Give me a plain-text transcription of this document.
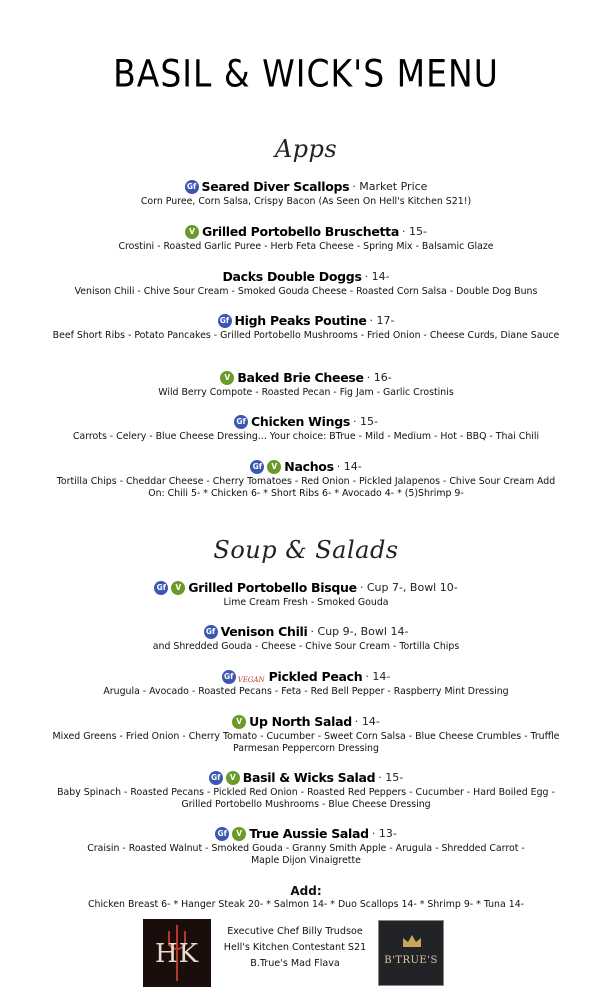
BASIL & WICK'S MENU
Apps
Gf Seared Diver Scallops · Market Price
Corn Puree, Corn Salsa, Crispy Bacon (As Seen On Hell's Kitchen S21!)
V Grilled Portobello Bruschetta · 15-
Crostini - Roasted Garlic Puree - Herb Feta Cheese - Spring Mix - Balsamic Glaze
Dacks Double Doggs · 14-
Venison Chili - Chive Sour Cream - Smoked Gouda Cheese - Roasted Corn Salsa - Double Dog Buns
Gf High Peaks Poutine · 17-
Beef Short Ribs - Potato Pancakes - Grilled Portobello Mushrooms - Fried Onion - Cheese Curds, Diane Sauce
V Baked Brie Cheese · 16-
Wild Berry Compote - Roasted Pecan - Fig Jam - Garlic Crostinis
Gf Chicken Wings · 15-
Carrots - Celery - Blue Cheese Dressing... Your choice: BTrue - Mild - Medium - Hot - BBQ - Thai Chili
Gf	V Nachos · 14-
Tortilla Chips - Cheddar Cheese - Cherry Tomatoes - Red Onion - Pickled Jalapenos - Chive Sour Cream Add On: Chili 5- * Chicken 6- * Short Ribs 6- * Avocado 4- * (5)Shrimp 9-
Soup & Salads
Gf	V Grilled Portobello Bisque · Cup 7-, Bowl 10-
Lime Cream Fresh - Smoked Gouda
Gf Venison Chili · Cup 9-, Bowl 14-
and Shredded Gouda - Cheese - Chive Sour Cream - Tortilla Chips
Gf VEGAN Pickled Peach · 14-
Arugula - Avocado - Roasted Pecans - Feta - Red Bell Pepper - Raspberry Mint Dressing
V Up North Salad · 14-
Mixed Greens - Fried Onion - Cherry Tomato - Cucumber - Sweet Corn Salsa - Blue Cheese Crumbles - Truffle Parmesan Peppercorn Dressing
Gf	V Basil & Wicks Salad · 15-
Baby Spinach - Roasted Pecans - Pickled Red Onion - Roasted Red Peppers - Cucumber - Hard Boiled Egg - Grilled Portobello Mushrooms - Blue Cheese Dressing
Gf	V True Aussie Salad · 13-
Craisin - Roasted Walnut - Smoked Gouda - Granny Smith Apple - Arugula - Shredded Carrot - Maple Dijon Vinaigrette
Add:
Chicken Breast 6- * Hanger Steak 20- * Salmon 14- * Duo Scallops 14- * Shrimp 9- * Tuna 14-
HK
Executive Chef Billy Trudsoe
Hell's Kitchen Contestant S21
B.True's Mad Flava	B'TRUE'S
